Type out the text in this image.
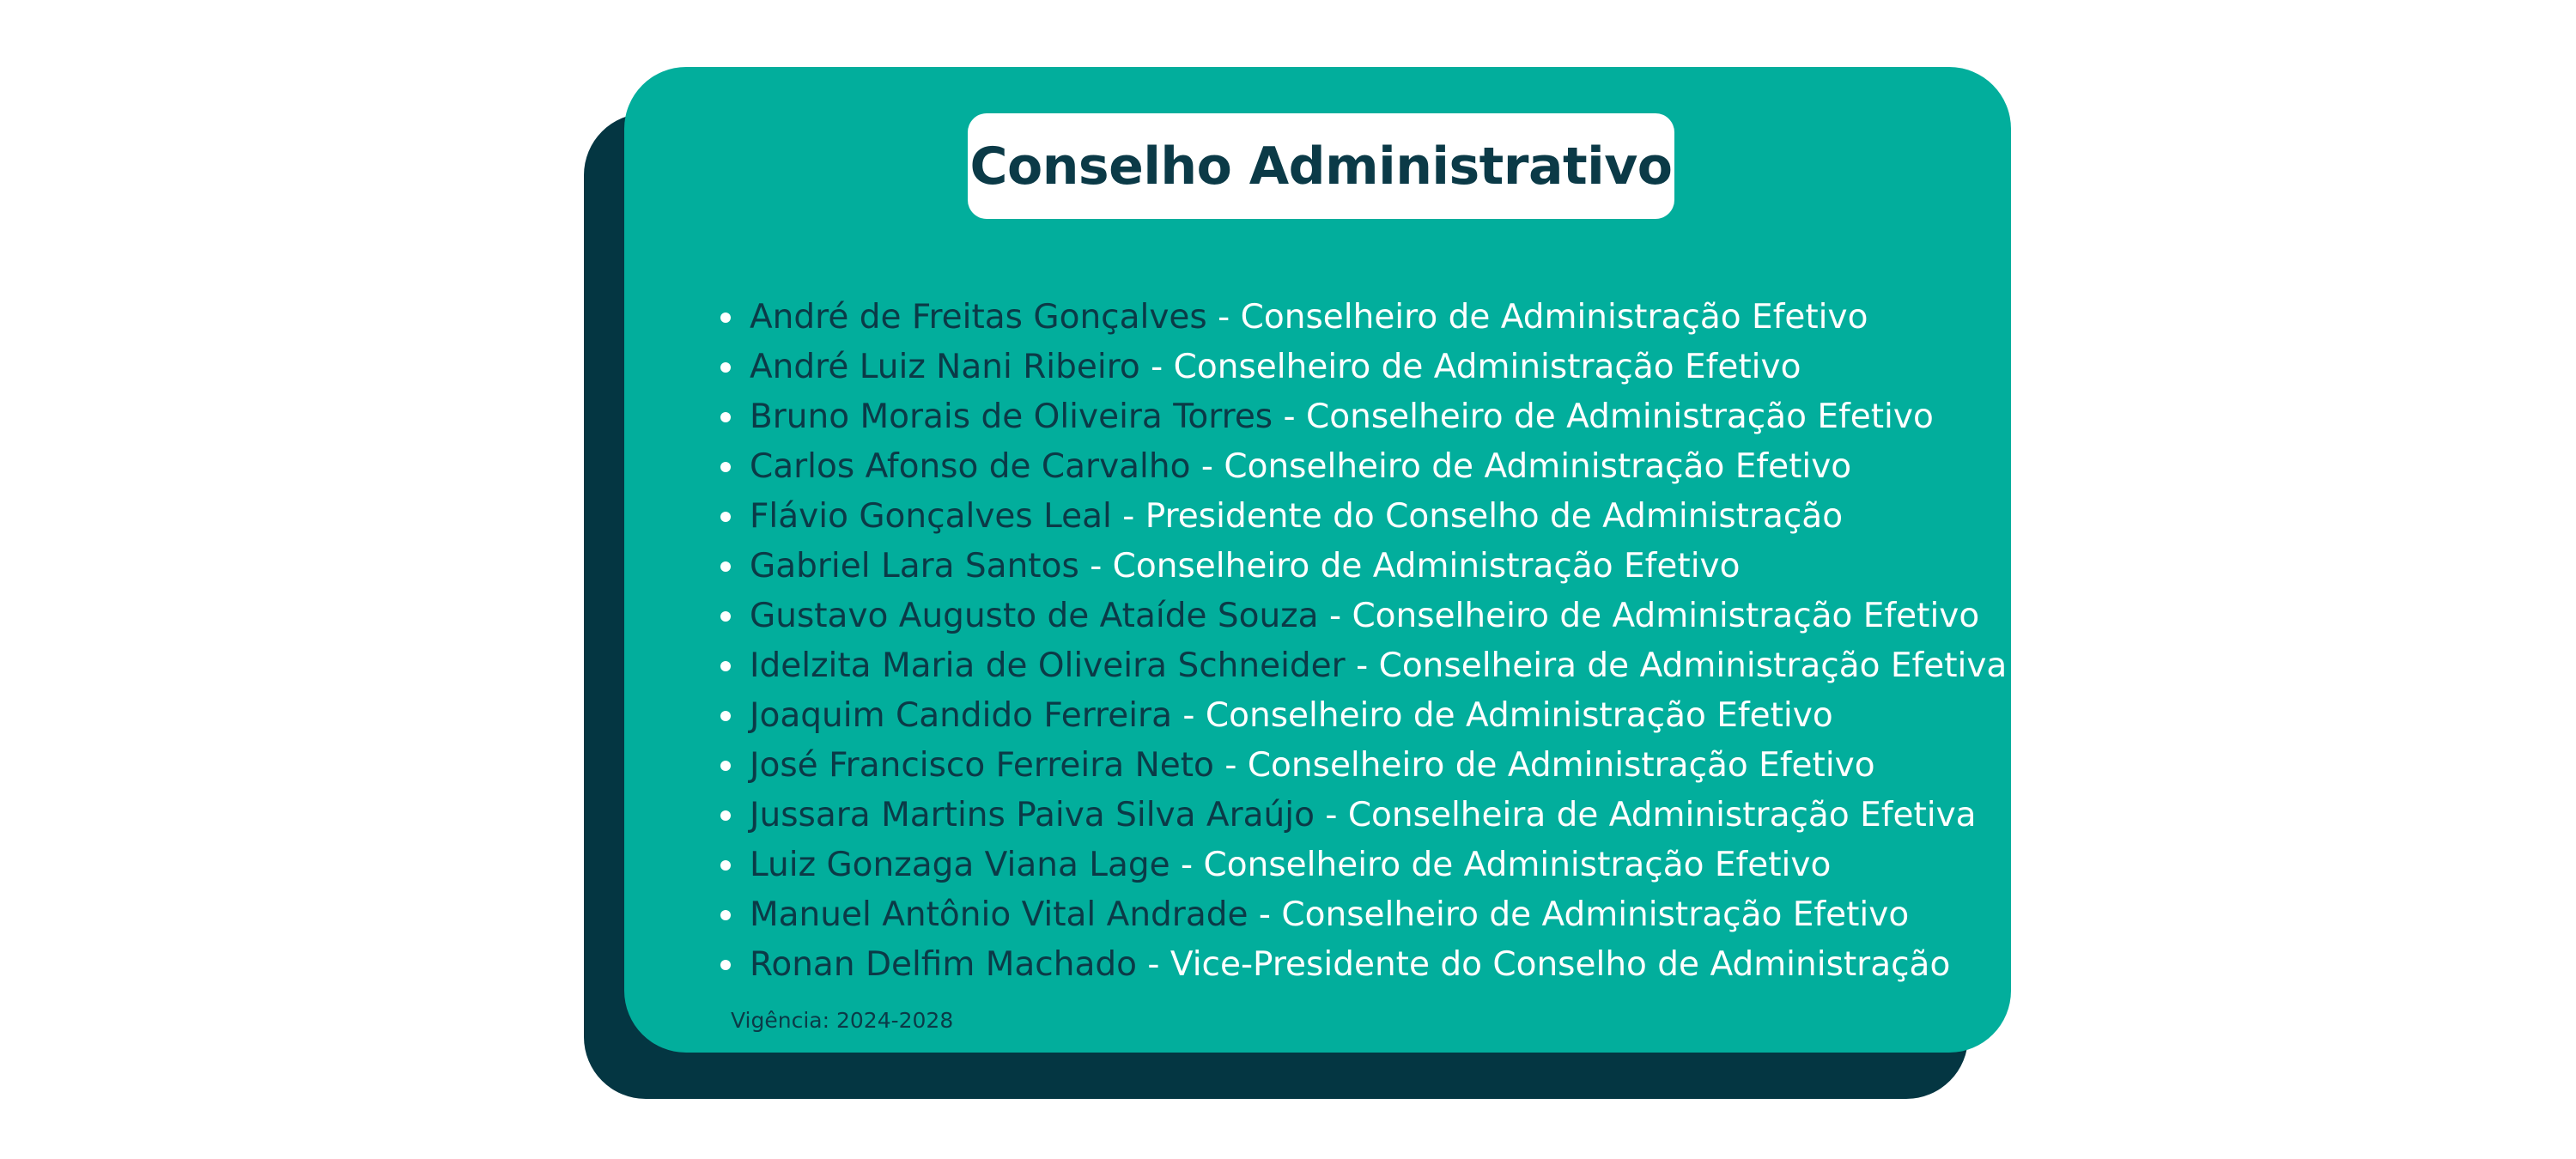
Conselho Administrativo
André de Freitas Gonçalves - Conselheiro de Administração Efetivo
André Luiz Nani Ribeiro - Conselheiro de Administração Efetivo
Bruno Morais de Oliveira Torres - Conselheiro de Administração Efetivo
Carlos Afonso de Carvalho - Conselheiro de Administração Efetivo
Flávio Gonçalves Leal - Presidente do Conselho de Administração
Gabriel Lara Santos - Conselheiro de Administração Efetivo
Gustavo Augusto de Ataíde Souza - Conselheiro de Administração Efetivo
Idelzita Maria de Oliveira Schneider - Conselheira de Administração Efetiva
Joaquim Candido Ferreira - Conselheiro de Administração Efetivo
José Francisco Ferreira Neto - Conselheiro de Administração Efetivo
Jussara Martins Paiva Silva Araújo - Conselheira de Administração Efetiva
Luiz Gonzaga Viana Lage - Conselheiro de Administração Efetivo
Manuel Antônio Vital Andrade - Conselheiro de Administração Efetivo
Ronan Delfim Machado - Vice-Presidente do Conselho de Administração
Vigência: 2024-2028
